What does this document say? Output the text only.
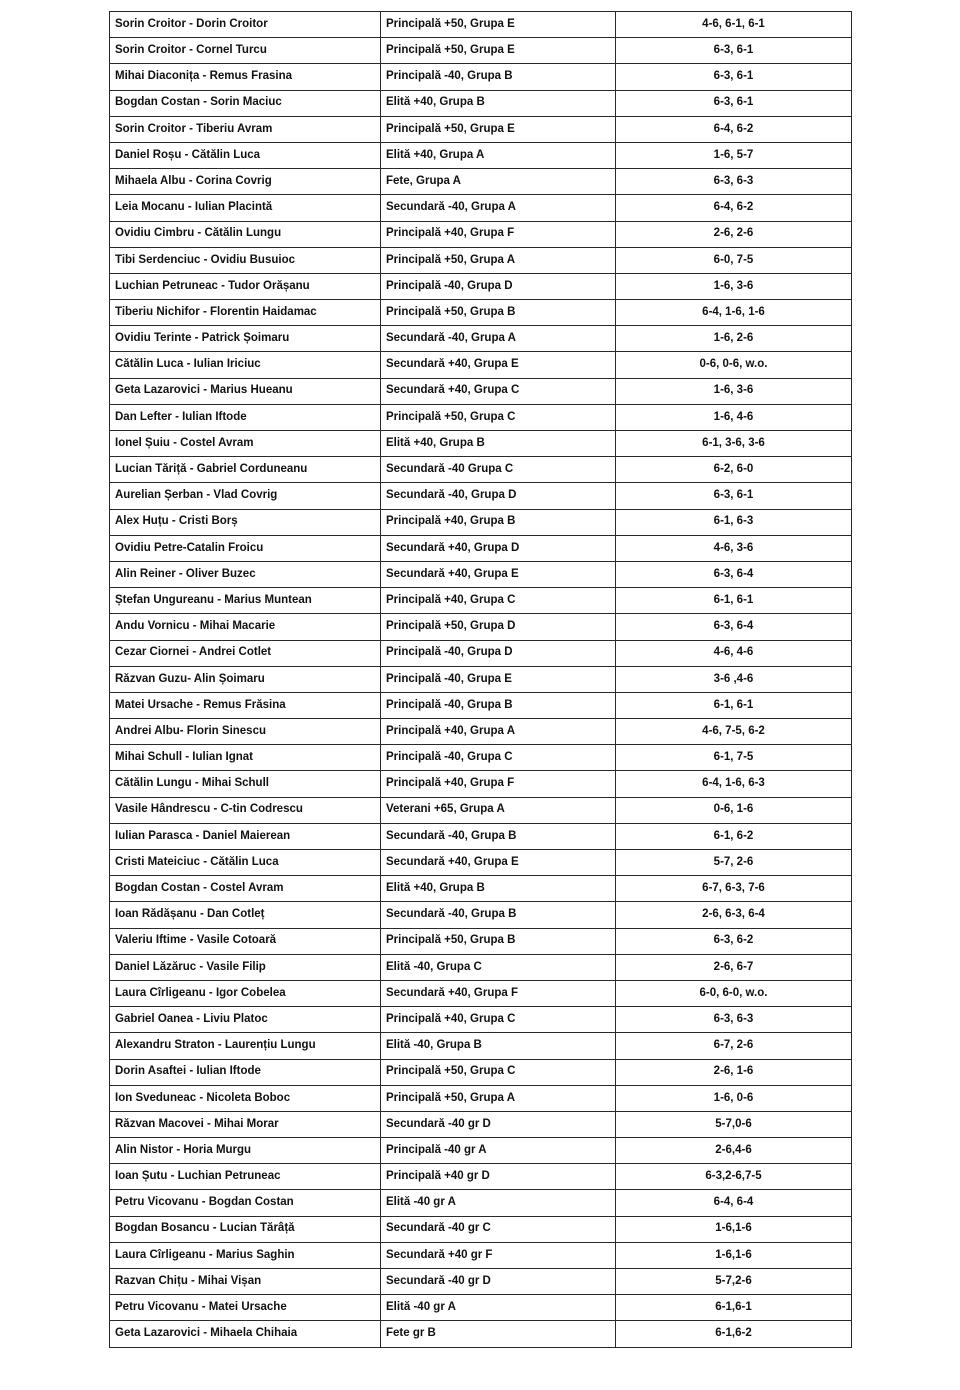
Sorin Croitor - Dorin Croitor	Principală +50, Grupa E	4-6, 6-1, 6-1
Sorin Croitor - Cornel Turcu	Principală +50, Grupa E	6-3, 6-1
Mihai Diaconița - Remus Frasina	Principală -40, Grupa B	6-3, 6-1
Bogdan Costan - Sorin Maciuc	Elită +40, Grupa B	6-3, 6-1
Sorin Croitor - Tiberiu Avram	Principală +50, Grupa E	6-4, 6-2
Daniel Roșu - Cătălin Luca	Elită +40, Grupa A	1-6, 5-7
Mihaela Albu - Corina Covrig	Fete, Grupa A	6-3, 6-3
Leia Mocanu - Iulian Placintă	Secundară -40, Grupa A	6-4, 6-2
Ovidiu Cimbru - Cătălin Lungu	Principală +40, Grupa F	2-6, 2-6
Tibi Serdenciuc - Ovidiu Busuioc	Principală +50, Grupa A	6-0, 7-5
Luchian Petruneac - Tudor Orășanu	Principală -40, Grupa D	1-6, 3-6
Tiberiu Nichifor - Florentin Haidamac	Principală +50, Grupa B	6-4, 1-6, 1-6
Ovidiu Terinte - Patrick Șoimaru	Secundară -40, Grupa A	1-6, 2-6
Cătălin Luca - Iulian Iriciuc	Secundară +40, Grupa E	0-6, 0-6, w.o.
Geta Lazarovici - Marius Hueanu	Secundară +40, Grupa C	1-6, 3-6
Dan Lefter - Iulian Iftode	Principală +50, Grupa C	1-6, 4-6
Ionel Șuiu - Costel Avram	Elită +40, Grupa B	6-1, 3-6, 3-6
Lucian Tăriță - Gabriel Corduneanu	Secundară -40 Grupa C	6-2, 6-0
Aurelian Șerban - Vlad Covrig	Secundară -40, Grupa D	6-3, 6-1
Alex Huțu - Cristi Borș	Principală +40, Grupa B	6-1, 6-3
Ovidiu Petre-Catalin Froicu	Secundară +40, Grupa D	4-6, 3-6
Alin Reiner - Oliver Buzec	Secundară +40, Grupa E	6-3, 6-4
Ștefan Ungureanu - Marius Muntean	Principală +40, Grupa C	6-1, 6-1
Andu Vornicu - Mihai Macarie	Principală +50, Grupa D	6-3, 6-4
Cezar Ciornei - Andrei Cotlet	Principală -40, Grupa D	4-6, 4-6
Răzvan Guzu- Alin Șoimaru	Principală -40, Grupa E	3-6 ,4-6
Matei Ursache - Remus Frăsina	Principală -40, Grupa B	6-1, 6-1
Andrei Albu- Florin Sinescu	Principală +40, Grupa A	4-6, 7-5, 6-2
Mihai Schull - Iulian Ignat	Principală -40, Grupa C	6-1, 7-5
Cătălin Lungu - Mihai Schull	Principală +40, Grupa F	6-4, 1-6, 6-3
Vasile Hândrescu - C-tin Codrescu	Veterani +65, Grupa A	0-6, 1-6
Iulian Parasca - Daniel Maierean	Secundară -40, Grupa B	6-1, 6-2
Cristi Mateiciuc - Cătălin Luca	Secundară +40, Grupa E	5-7, 2-6
Bogdan Costan - Costel Avram	Elită +40, Grupa B	6-7, 6-3, 7-6
Ioan Rădășanu - Dan Cotleț	Secundară -40, Grupa B	2-6, 6-3, 6-4
Valeriu Iftime - Vasile Cotoară	Principală +50, Grupa B	6-3, 6-2
Daniel Lăzăruc - Vasile Filip	Elită -40, Grupa C	2-6, 6-7
Laura Cîrligeanu - Igor Cobelea	Secundară +40, Grupa F	6-0, 6-0, w.o.
Gabriel Oanea - Liviu Platoc	Principală +40, Grupa C	6-3, 6-3
Alexandru Straton - Laurențiu Lungu	Elită -40, Grupa B	6-7, 2-6
Dorin Asaftei - Iulian Iftode	Principală +50, Grupa C	2-6, 1-6
Ion Sveduneac - Nicoleta Boboc	Principală +50, Grupa A	1-6, 0-6
Răzvan Macovei - Mihai Morar	Secundară -40 gr D	5-7,0-6
Alin Nistor - Horia Murgu	Principală -40 gr A	2-6,4-6
Ioan Șutu - Luchian Petruneac	Principală +40 gr D	6-3,2-6,7-5
Petru Vicovanu - Bogdan Costan	Elită -40 gr A	6-4, 6-4
Bogdan Bosancu - Lucian Tărâță	Secundară -40 gr C	1-6,1-6
Laura Cîrligeanu - Marius Saghin	Secundară +40 gr F	1-6,1-6
Razvan Chițu - Mihai Vișan	Secundară -40 gr D	5-7,2-6
Petru Vicovanu - Matei Ursache	Elită -40 gr A	6-1,6-1
Geta Lazarovici - Mihaela Chihaia	Fete gr B	6-1,6-2
